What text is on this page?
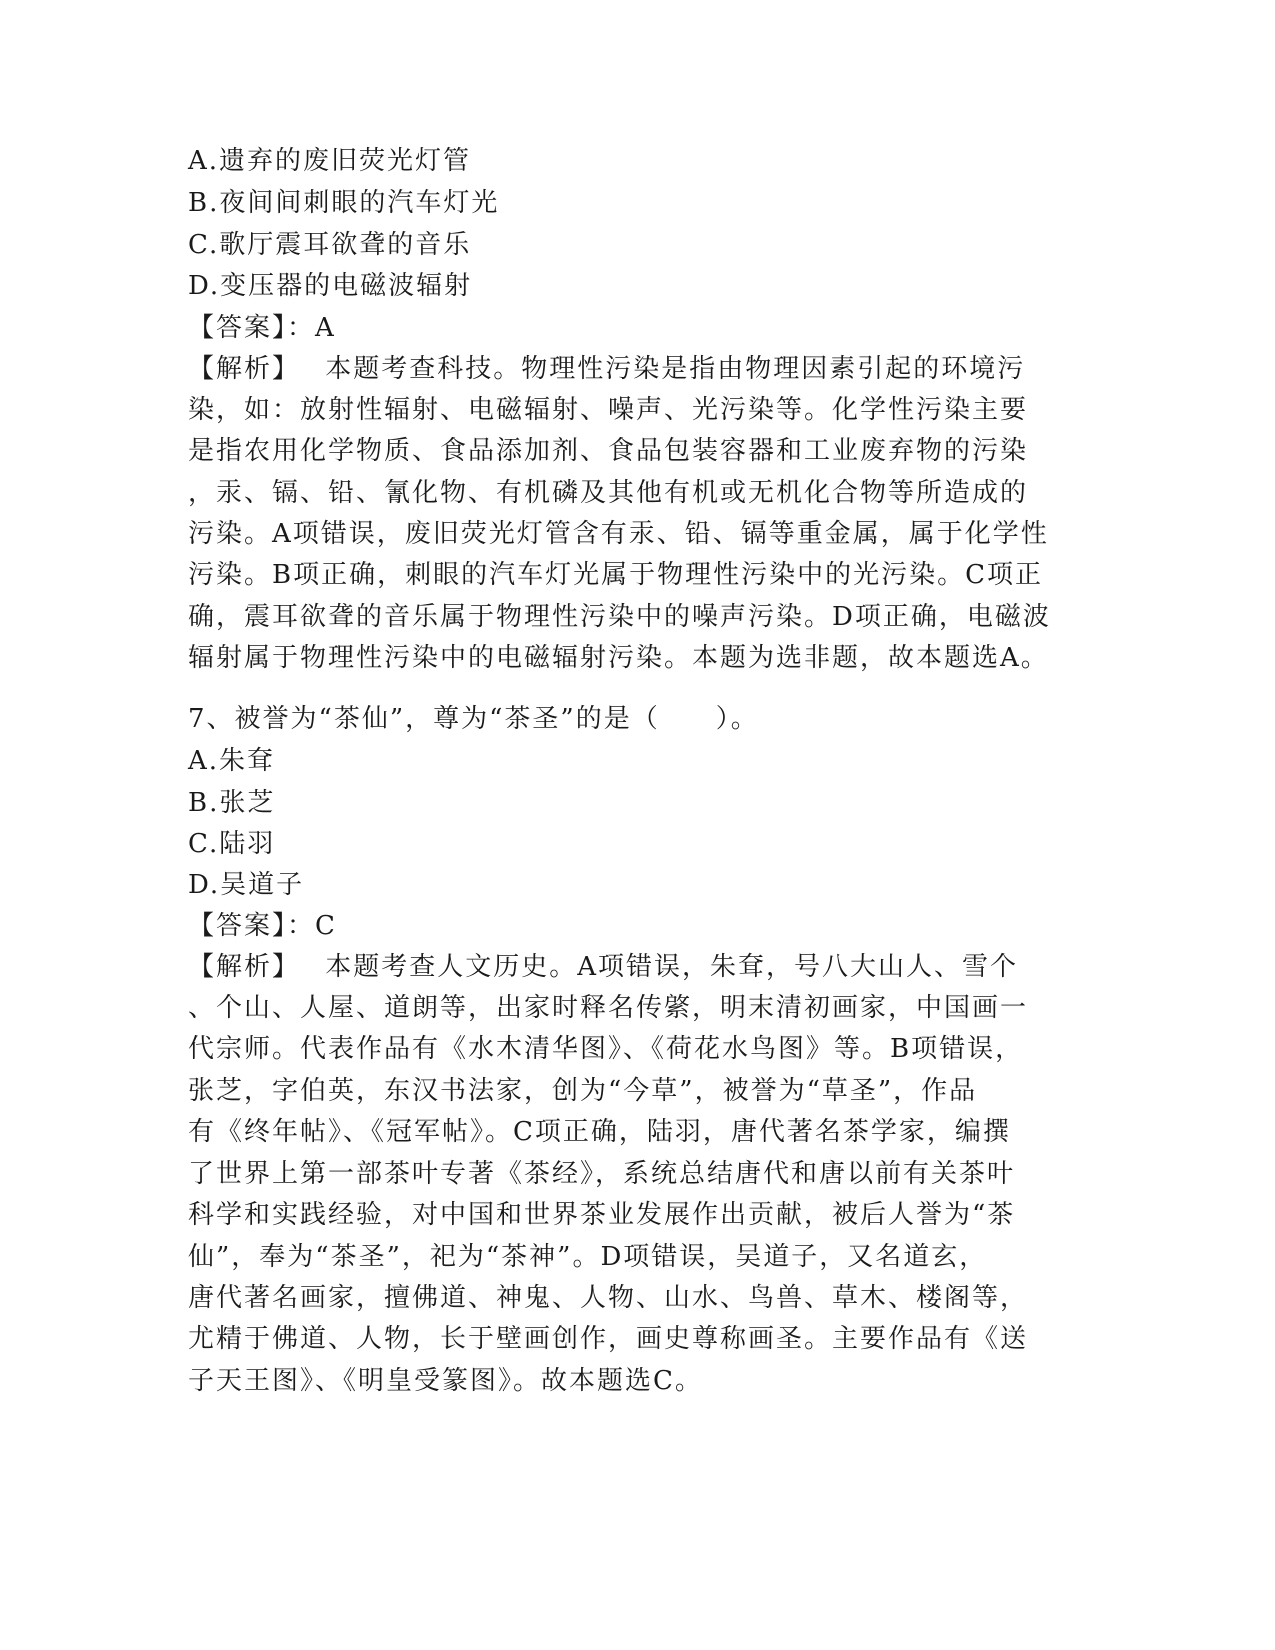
A.遗弃的废旧荧光灯管
B.夜间间刺眼的汽车灯光
C.歌厅震耳欲聋的音乐
D.变压器的电磁波辐射
【答案】：A
【解析】　 本题考查科技。物理性污染是指由物理因素引起的环境污
染，如：放射性辐射、电磁辐射、噪声、光污染等。化学性污染主要
是指农用化学物质、食品添加剂、食品包装容器和工业废弃物的污染
，汞、镉、铅、氰化物、有机磷及其他有机或无机化合物等所造成的
污染。A项错误，废旧荧光灯管含有汞、铅、镉等重金属，属于化学性
污染。B项正确，刺眼的汽车灯光属于物理性污染中的光污染。C项正
确，震耳欲聋的音乐属于物理性污染中的噪声污染。D项正确，电磁波
辐射属于物理性污染中的电磁辐射污染。本题为选非题，故本题选A。
7、被誉为“茶仙”，尊为“茶圣”的是（　　）。
A.朱耷
B.张芝
C.陆羽
D.吴道子
【答案】：C
【解析】　 本题考查人文历史。A项错误，朱耷，号八大山人、雪个
、个山、人屋、道朗等，出家时释名传綮，明末清初画家，中国画一
代宗师。代表作品有《水木清华图》、《荷花水鸟图》等。B项错误，
张芝，字伯英，东汉书法家，创为“今草”，被誉为“草圣”，作品
有《终年帖》、《冠军帖》。C项正确，陆羽，唐代著名茶学家，编撰
了世界上第一部茶叶专著《茶经》，系统总结唐代和唐以前有关茶叶
科学和实践经验，对中国和世界茶业发展作出贡献，被后人誉为“茶
仙”，奉为“茶圣”，祀为“茶神”。D项错误，吴道子，又名道玄，
唐代著名画家，擅佛道、神鬼、人物、山水、鸟兽、草木、楼阁等，
尤精于佛道、人物，长于壁画创作，画史尊称画圣。主要作品有《送
子天王图》、《明皇受篆图》。故本题选C。
